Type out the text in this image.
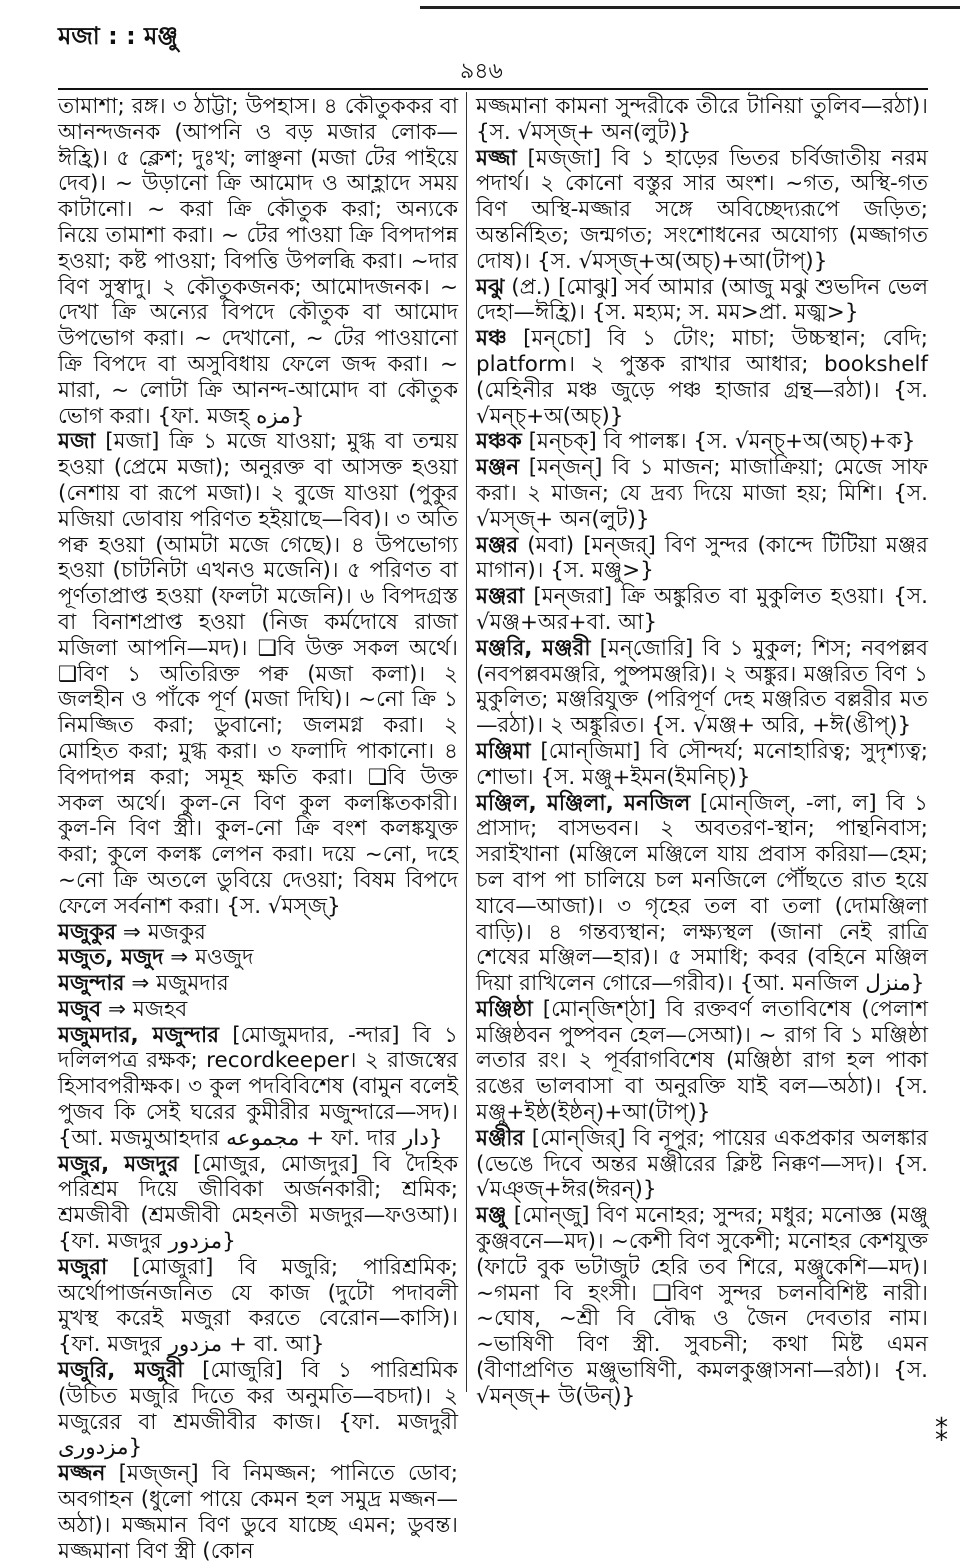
মজা : : মঞ্জু
৯৪৬

তামাশা; রঙ্গ। ৩ ঠাট্টা; উপহাস। ৪ কৌতুককর বা আনন্দজনক (আপনি ও বড় মজার লোক—ঈহ্রি)। ৫ ক্লেশ; দুঃখ; লাঞ্ছনা (মজা টের পাইয়ে দেব)। ~ উড়ানো ক্রি আমোদ ও আহ্লাদে সময় কাটানো। ~ করা ক্রি কৌতুক করা; অন্যকে নিয়ে তামাশা করা। ~ টের পাওয়া ক্রি বিপদাপন্ন হওয়া; কষ্ট পাওয়া; বিপত্তি উপলব্ধি করা। ~দার বিণ সুস্বাদু। ২ কৌতুকজনক; আমোদজনক। ~ দেখা ক্রি অন্যের বিপদে কৌতুক বা আমোদ উপভোগ করা। ~ দেখানো, ~ টের পাওয়ানো ক্রি বিপদে বা অসুবিধায় ফেলে জব্দ করা। ~ মারা, ~ লোটা ক্রি আনন্দ-আমোদ বা কৌতুক ভোগ করা। {ফা. মজহ্‌ مزه}

মজা [মজা] ক্রি ১ মজে যাওয়া; মুগ্ধ বা তন্ময় হওয়া (প্রেমে মজা); অনুরক্ত বা আসক্ত হওয়া (নেশায় বা রূপে মজা)। ২ বুজে যাওয়া (পুকুর মজিয়া ডোবায় পরিণত হইয়াছে—বিব)। ৩ অতি পক্ব হওয়া (আমটা মজে গেছে)। ৪ উপভোগ্য হওয়া (চাটনিটা এখনও মজেনি)। ৫ পরিণত বা পূর্ণতাপ্রাপ্ত হওয়া (ফলটা মজেনি)। ৬ বিপদগ্রস্ত বা বিনাশপ্রাপ্ত হওয়া (নিজ কর্মদোষে রাজা মজিলা আপনি—মদ)। ❑বি উক্ত সকল অর্থে। ❑বিণ ১ অতিরিক্ত পক্ব (মজা কলা)। ২ জলহীন ও পাঁকে পূর্ণ (মজা দিঘি)। ~নো ক্রি ১ নিমজ্জিত করা; ডুবানো; জলমগ্ন করা। ২ মোহিত করা; মুগ্ধ করা। ৩ ফলাদি পাকানো। ৪ বিপদাপন্ন করা; সমূহ ক্ষতি করা। ❑বি উক্ত সকল অর্থে। কুল-নে বিণ কুল কলঙ্কিতকারী। কুল-নি বিণ স্ত্রী। কুল-নো ক্রি বংশ কলঙ্কযুক্ত করা; কুলে কলঙ্ক লেপন করা। দয়ে ~নো, দহে ~নো ক্রি অতলে ডুবিয়ে দেওয়া; বিষম বিপদে ফেলে সর্বনাশ করা। {স. √মস্‌জ্‌}

মজুকুর ⇒ মজকুর

মজুত, মজুদ ⇒ মওজুদ

মজুন্দার ⇒ মজুমদার

মজুব ⇒ মজহব

মজুমদার, মজুন্দার [মোজুমদার, -ন্দার] বি ১ দলিলপত্র রক্ষক; recordkeeper। ২ রাজস্বের হিসাবপরীক্ষক। ৩ কুল পদবিবিশেষ (বামুন বলেই পুজব কি সেই ঘরের কুমীরীর মজুন্দারে—সদ)। {আ. মজমুআহদার مجموعه + ফা. দার دار}

মজুর, মজদুর [মোজুর, মোজদুর] বি দৈহিক পরিশ্রম দিয়ে জীবিকা অর্জনকারী; শ্রমিক; শ্রমজীবী (শ্রমজীবী মেহনতী মজদুর—ফওআ)। {ফা. মজদুর مزدور}

মজুরা [মোজুরা] বি মজুরি; পারিশ্রমিক; অর্থোপার্জনজনিত যে কাজ (দুটো পদাবলী মুখস্থ করেই মজুরা করতে বেরোন—কাসি)। {ফা. মজদুর مزدور + বা. আ}

মজুরি, মজুরী [মোজুরি] বি ১ পারিশ্রমিক (উচিত মজুরি দিতে কর অনুমতি—বচদা)। ২ মজুরের বা শ্রমজীবীর কাজ। {ফা. মজদুরী مزدوری}

মজ্জন [মজ্‌জন্‌] বি নিমজ্জন; পানিতে ডোব; অবগাহন (ধুলো পায়ে কেমন হল সমুদ্র মজ্জন—অঠা)। মজ্জমান বিণ ডুবে যাচ্ছে এমন; ডুবন্ত। মজ্জমানা বিণ স্ত্রী (কোন

মজ্জমানা কামনা সুন্দরীকে তীরে টানিয়া তুলিব—রঠা)। {স. √মস্‌জ্‌+ অন(লুট)}

মজ্জা [মজ্‌জা] বি ১ হাড়ের ভিতর চর্বিজাতীয় নরম পদার্থ। ২ কোনো বস্তুর সার অংশ। ~গত, অস্থি-গত বিণ অস্থি-মজ্জার সঙ্গে অবিচ্ছেদ্যরূপে জড়িত; অন্তর্নিহিত; জন্মগত; সংশোধনের অযোগ্য (মজ্জাগত দোষ)। {স. √মস্‌জ্‌+অ(অচ্‌)+আ(টাপ্‌)}

মঝু (প্র.) [মোঝু] সর্ব আমার (আজু মঝু শুভদিন ভেল দেহা—ঈহ্রি)। {স. মহ্যম; স. মম>প্রা. মজ্ঝ>}

মঞ্চ [মন্‌চো] বি ১ টোং; মাচা; উচ্চস্থান; বেদি; platform। ২ পুস্তক রাখার আধার; bookshelf (মেহিনীর মঞ্চ জুড়ে পঞ্চ হাজার গ্রন্থ—রঠা)। {স. √মন্‌চ্‌+অ(অচ্‌)}

মঞ্চক [মন্‌চক্‌] বি পালঙ্ক। {স. √মন্‌চ্‌+অ(অচ্‌)+ক}

মঞ্জন [মন্‌জন্‌] বি ১ মাজন; মাজাক্রিয়া; মেজে সাফ করা। ২ মাজন; যে দ্রব্য দিয়ে মাজা হয়; মিশি। {স. √মস্‌জ্‌+ অন(লুট)}

মঞ্জর (মবা) [মন্‌জর্‌] বিণ সুন্দর (কান্দে টিটিয়া মঞ্জর মাগান)। {স. মঞ্জু>}

মঞ্জরা [মন্‌জরা] ক্রি অঙ্কুরিত বা মুকুলিত হওয়া। {স. √মঞ্জ+অর+বা. আ}

মঞ্জরি, মঞ্জরী [মন্‌জোরি] বি ১ মুকুল; শিস; নবপল্লব (নবপল্লবমঞ্জরি, পুষ্পমঞ্জরি)। ২ অঙ্কুর। মঞ্জরিত বিণ ১ মুকুলিত; মঞ্জরিযুক্ত (পরিপূর্ণ দেহ মঞ্জরিত বল্লরীর মত—রঠা)। ২ অঙ্কুরিত। {স. √মঞ্জ+ অরি, +ঈ(ঙীপ্‌)}

মঞ্জিমা [মোন্‌জিমা] বি সৌন্দর্য; মনোহারিত্ব; সুদৃশ্যত্ব; শোভা। {স. মঞ্জু+ইমন(ইমনিচ্‌)}

মঞ্জিল, মঞ্জিলা, মনজিল [মোন্‌জিল্‌, -লা, ল] বি ১ প্রাসাদ; বাসভবন। ২ অবতরণ-স্থান; পান্থনিবাস; সরাইখানা (মঞ্জিলে মঞ্জিলে যায় প্রবাস করিয়া—হেম; চল বাপ পা চালিয়ে চল মনজিলে পৌঁছতে রাত হয়ে যাবে—আজা)। ৩ গৃহের তল বা তলা (দোমঞ্জিলা বাড়ি)। ৪ গন্তব্যস্থান; লক্ষ্যস্থল (জানা নেই রাত্রি শেষের মঞ্জিল—হার)। ৫ সমাধি; কবর (বহিনে মঞ্জিল দিয়া রাখিলেন গোরে—গরীব)। {আ. মনজিল منزل}

মঞ্জিষ্ঠা [মোন্‌জিশ্‌ঠা] বি রক্তবর্ণ লতাবিশেষ (পেলাশ মঞ্জিষ্ঠবন পুষ্পবন হেল—সেআ)। ~ রাগ বি ১ মঞ্জিষ্ঠা লতার রং। ২ পূর্বরাগবিশেষ (মঞ্জিষ্ঠা রাগ হল পাকা রঙের ভালবাসা বা অনুরক্তি যাই বল—অঠা)। {স. মঞ্জু+ইষ্ঠ(ইষ্ঠন্‌)+আ(টাপ্‌)}

মঞ্জীর [মোন্‌জির্‌] বি নূপুর; পায়ের একপ্রকার অলঙ্কার (ভেঙে দিবে অন্তর মঞ্জীরের ক্লিষ্ট নিক্কণ—সদ)। {স. √মঞ্জ্‌+ঈর(ঈরন্‌)}

মঞ্জু [মোন্‌জু] বিণ মনোহর; সুন্দর; মধুর; মনোজ্ঞ (মঞ্জু কুঞ্জবনে—মদ)। ~কেশী বিণ সুকেশী; মনোহর কেশযুক্ত (ফাটে বুক ভটাজুট হেরি তব শিরে, মঞ্জুকেশি—মদ)। ~গমনা বি হংসী। ❑বিণ সুন্দর চলনবিশিষ্ট নারী। ~ঘোষ, ~শ্রী বি বৌদ্ধ ও জৈন দেবতার নাম। ~ভাষিণী বিণ স্ত্রী. সুবচনী; কথা মিষ্ট এমন (বীণাপ্রণিত মঞ্জুভাষিণী, কমলকুঞ্জাসনা—রঠা)। {স. √মন্‌জ্‌+ উ(উন্‌)}

⁑
